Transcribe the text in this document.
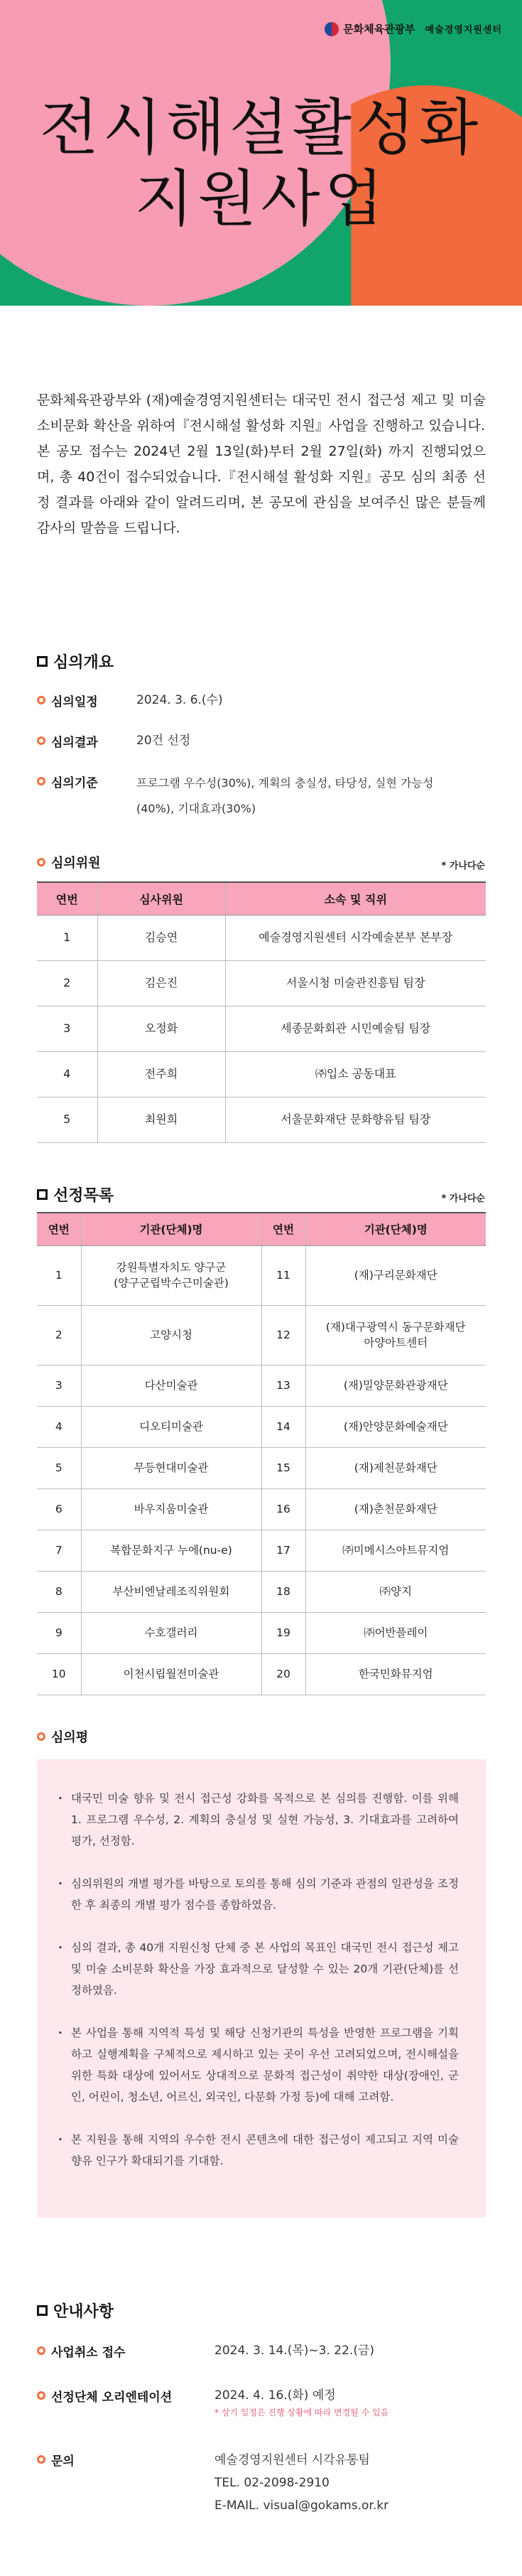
문화체육관광부 예술경영지원센터
전시해설활성화
지원사업

문화체육관광부와 (재)예술경영지원센터는 대국민 전시 접근성 제고 및 미술 소비문화 확산을 위하여『전시해설 활성화 지원』사업을 진행하고 있습니다.

본 공모 접수는 2024년 2월 13일(화)부터 2월 27일(화) 까지 진행되었으며, 총 40건이 접수되었습니다.『전시해설 활성화 지원』공모 심의 최종 선정 결과를 아래와 같이 알려드리며, 본 공모에 관심을 보여주신 많은 분들께 감사의 말씀을 드립니다.

심의개요
심의일정	2024. 3. 6.(수)
심의결과	20건 선정
심의기준	프로그램 우수성(30%), 계획의 충실성, 타당성, 실현 가능성 (40%), 기대효과(30%)
심의위원	* 가나다순
연번	심사위원	소속 및 직위
1	김승연	예술경영지원센터 시각예술본부 본부장
2	김은진	서울시청 미술관진흥팀 팀장
3	오정화	세종문화회관 시민예술팀 팀장
4	전주희	㈜입소 공동대표
5	최원희	서울문화재단 문화향유팀 팀장
선정목록	* 가나다순
연번	기관(단체)명	연번	기관(단체)명
1	강원특별자치도 양구군
(양구군립박수근미술관)	11	(재)구리문화재단
2	고양시청	12	(재)대구광역시 동구문화재단
아양아트센터
3	다산미술관	13	(재)밀양문화관광재단
4	디오티미술관	14	(재)안양문화예술재단
5	무등현대미술관	15	(재)제천문화재단
6	바우지움미술관	16	(재)춘천문화재단
7	복합문화지구 누에(nu-e)	17	㈜미메시스아트뮤지엄
8	부산비엔날레조직위원회	18	㈜양지
9	수호갤러리	19	㈜어반플레이
10	이천시립월전미술관	20	한국민화뮤지엄
심의평
· 대국민 미술 향유 및 전시 접근성 강화를 목적으로 본 심의를 진행함. 이를 위해 1. 프로그램 우수성, 2. 계획의 충실성 및 실현 가능성, 3. 기대효과를 고려하여 평가, 선정함.
· 심의위원의 개별 평가를 바탕으로 토의를 통해 심의 기준과 관점의 일관성을 조정한 후 최종의 개별 평가 점수를 종합하였음.
· 심의 결과, 총 40개 지원신청 단체 중 본 사업의 목표인 대국민 전시 접근성 제고 및 미술 소비문화 확산을 가장 효과적으로 달성할 수 있는 20개 기관(단체)를 선정하였음.
· 본 사업을 통해 지역적 특성 및 해당 신청기관의 특성을 반영한 프로그램을 기획하고 실행계획을 구체적으로 제시하고 있는 곳이 우선 고려되었으며, 전시해설을 위한 특화 대상에 있어서도 상대적으로 문화적 접근성이 취약한 대상(장애인, 군인, 어린이, 청소년, 어르신, 외국인, 다문화 가정 등)에 대해 고려함.
· 본 지원을 통해 지역의 우수한 전시 콘텐츠에 대한 접근성이 제고되고 지역 미술 향유 인구가 확대되기를 기대함.
안내사항
사업취소 접수	2024. 3. 14.(목)~3. 22.(금)
선정단체 오리엔테이션	2024. 4. 16.(화) 예정
* 상기 일정은 진행 상황에 따라 변경될 수 있음
문의	예술경영지원센터 시각유통팀
TEL. 02-2098-2910
E-MAIL. visual@gokams.or.kr
